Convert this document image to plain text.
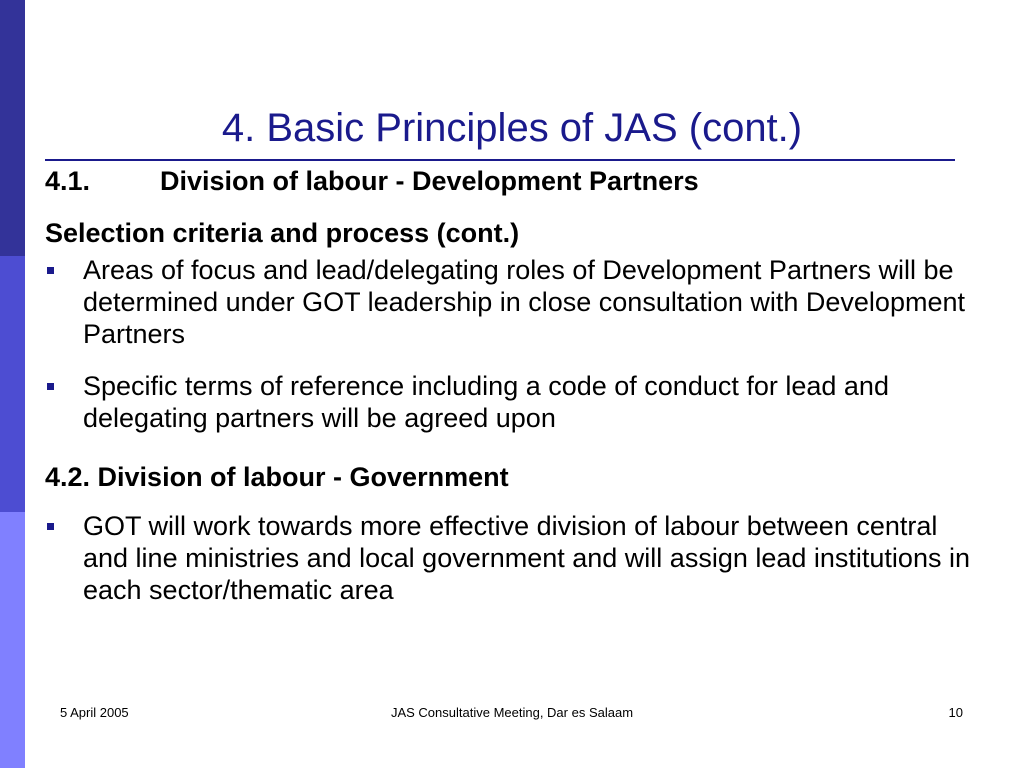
4. Basic Principles of JAS (cont.)
4.1.	Division of labour - Development Partners
Selection criteria and process (cont.)
Areas of focus and lead/delegating roles of Development Partners will be determined under GOT leadership in close consultation with Development Partners
Specific terms of reference including a code of conduct for lead and delegating partners will be agreed upon
4.2. Division of labour - Government
GOT will work towards more effective division of labour between central and line ministries and local government and will assign lead institutions in each sector/thematic area
5 April 2005	JAS Consultative Meeting, Dar es Salaam	10
